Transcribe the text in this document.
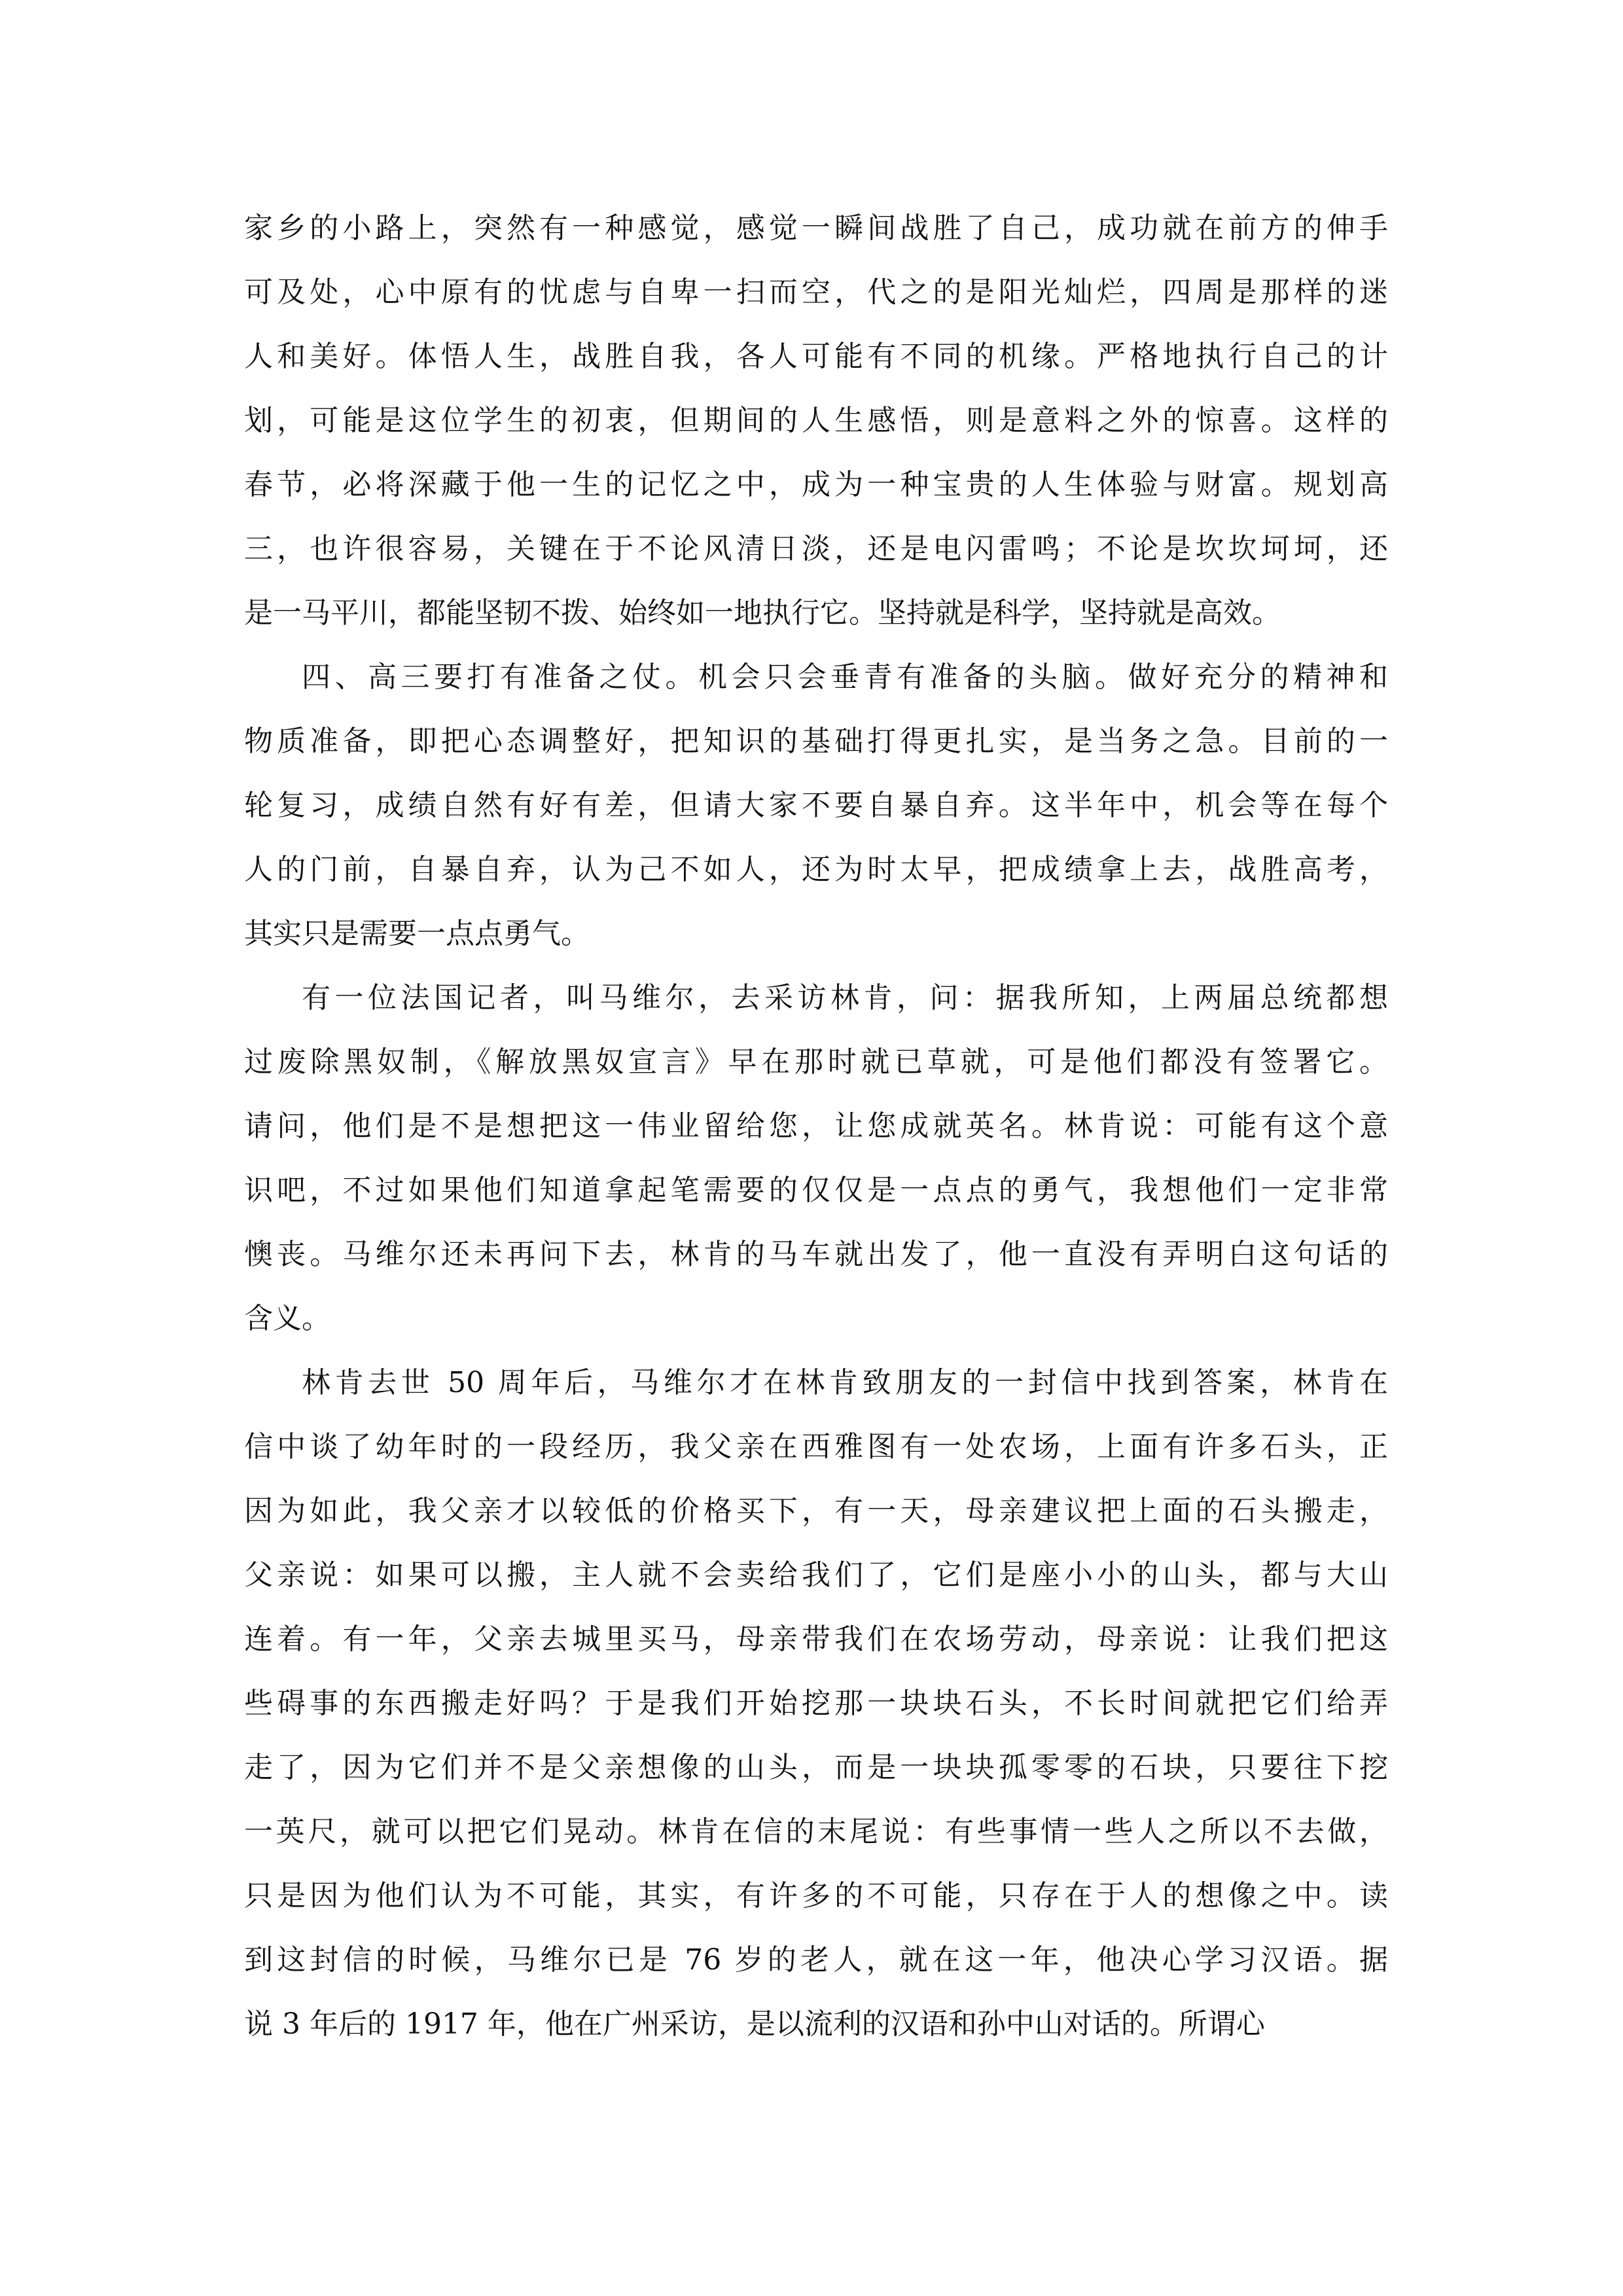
家乡的小路上，突然有一种感觉，感觉一瞬间战胜了自己，成功就在前方的伸手
可及处，心中原有的忧虑与自卑一扫而空，代之的是阳光灿烂，四周是那样的迷
人和美好。体悟人生，战胜自我，各人可能有不同的机缘。严格地执行自己的计
划，可能是这位学生的初衷，但期间的人生感悟，则是意料之外的惊喜。这样的
春节，必将深藏于他一生的记忆之中，成为一种宝贵的人生体验与财富。规划高
三，也许很容易，关键在于不论风清日淡，还是电闪雷鸣；不论是坎坎坷坷，还
是一马平川，都能坚韧不拨、始终如一地执行它。坚持就是科学，坚持就是高效。

四、高三要打有准备之仗。机会只会垂青有准备的头脑。做好充分的精神和
物质准备，即把心态调整好，把知识的基础打得更扎实，是当务之急。目前的一
轮复习，成绩自然有好有差，但请大家不要自暴自弃。这半年中，机会等在每个
人的门前，自暴自弃，认为己不如人，还为时太早，把成绩拿上去，战胜高考，
其实只是需要一点点勇气。

有一位法国记者，叫马维尔，去采访林肯，问：据我所知，上两届总统都想
过废除黑奴制，《解放黑奴宣言》早在那时就已草就，可是他们都没有签署它。
请问，他们是不是想把这一伟业留给您，让您成就英名。林肯说：可能有这个意
识吧，不过如果他们知道拿起笔需要的仅仅是一点点的勇气，我想他们一定非常
懊丧。马维尔还未再问下去，林肯的马车就出发了，他一直没有弄明白这句话的
含义。

林肯去世 50 周年后，马维尔才在林肯致朋友的一封信中找到答案，林肯在
信中谈了幼年时的一段经历，我父亲在西雅图有一处农场，上面有许多石头，正
因为如此，我父亲才以较低的价格买下，有一天，母亲建议把上面的石头搬走，
父亲说：如果可以搬，主人就不会卖给我们了，它们是座小小的山头，都与大山
连着。有一年，父亲去城里买马，母亲带我们在农场劳动，母亲说：让我们把这
些碍事的东西搬走好吗？于是我们开始挖那一块块石头，不长时间就把它们给弄
走了，因为它们并不是父亲想像的山头，而是一块块孤零零的石块，只要往下挖
一英尺，就可以把它们晃动。林肯在信的末尾说：有些事情一些人之所以不去做，
只是因为他们认为不可能，其实，有许多的不可能，只存在于人的想像之中。读
到这封信的时候，马维尔已是 76 岁的老人，就在这一年，他决心学习汉语。据
说 3 年后的 1917 年，他在广州采访，是以流利的汉语和孙中山对话的。所谓心
